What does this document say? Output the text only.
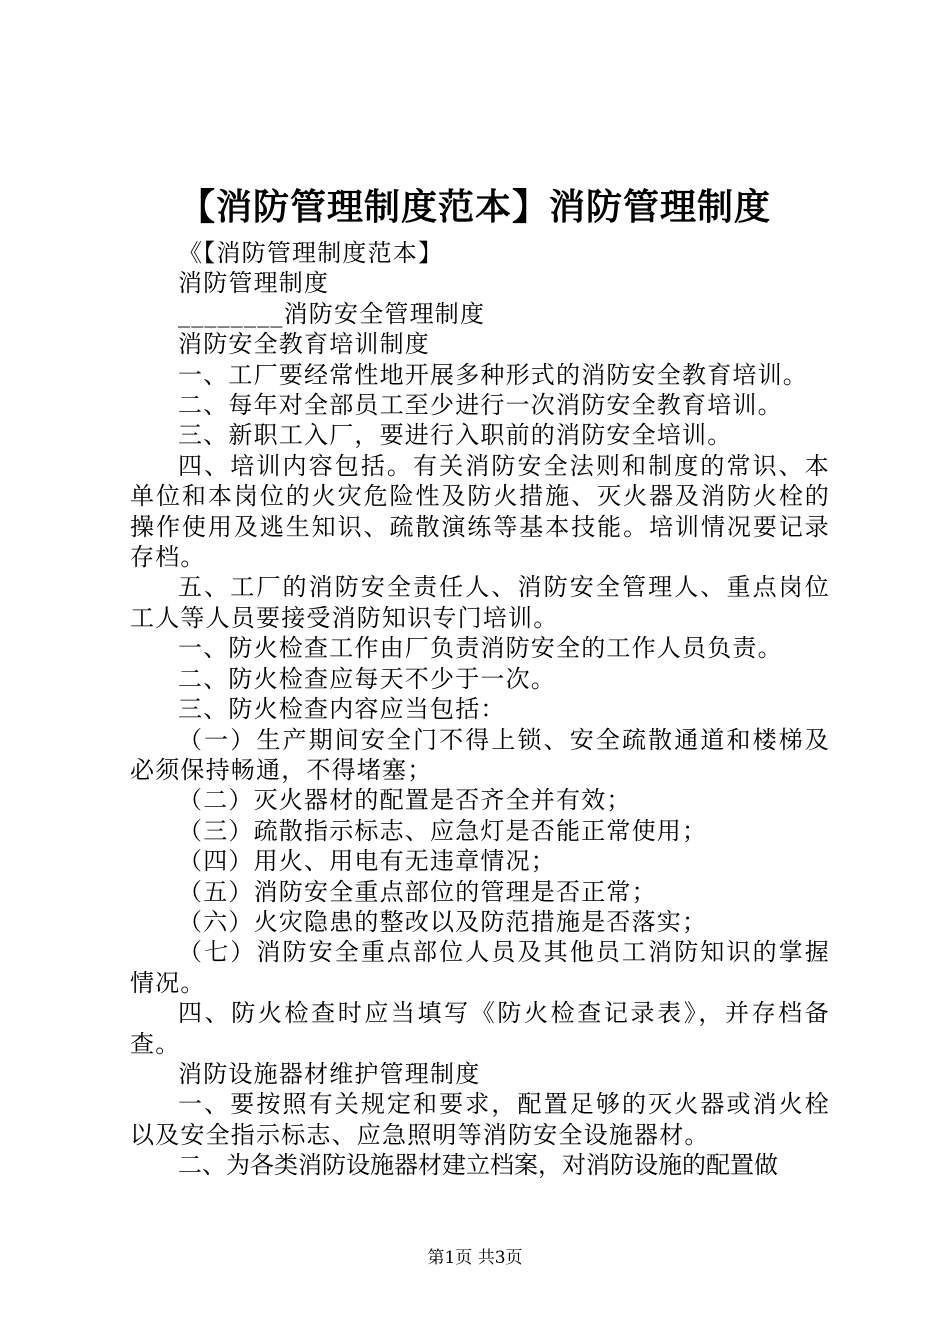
【消防管理制度范本】消防管理制度

《【消防管理制度范本】

消防管理制度

________消防安全管理制度

消防安全教育培训制度

一、工厂要经常性地开展多种形式的消防安全教育培训。

二、每年对全部员工至少进行一次消防安全教育培训。

三、新职工入厂，要进行入职前的消防安全培训。

四、培训内容包括。有关消防安全法则和制度的常识、本单位和本岗位的火灾危险性及防火措施、灭火器及消防火栓的操作使用及逃生知识、疏散演练等基本技能。培训情况要记录存档。

五、工厂的消防安全责任人、消防安全管理人、重点岗位工人等人员要接受消防知识专门培训。

一、防火检查工作由厂负责消防安全的工作人员负责。

二、防火检查应每天不少于一次。

三、防火检查内容应当包括：

（一）生产期间安全门不得上锁、安全疏散通道和楼梯及必须保持畅通，不得堵塞；

（二）灭火器材的配置是否齐全并有效；

（三）疏散指示标志、应急灯是否能正常使用；

（四）用火、用电有无违章情况；

（五）消防安全重点部位的管理是否正常；

（六）火灾隐患的整改以及防范措施是否落实；

（七）消防安全重点部位人员及其他员工消防知识的掌握情况。

四、防火检查时应当填写《防火检查记录表》，并存档备查。

消防设施器材维护管理制度

一、要按照有关规定和要求，配置足够的灭火器或消火栓以及安全指示标志、应急照明等消防安全设施器材。

二、为各类消防设施器材建立档案，对消防设施的配置做

第1页 共3页
